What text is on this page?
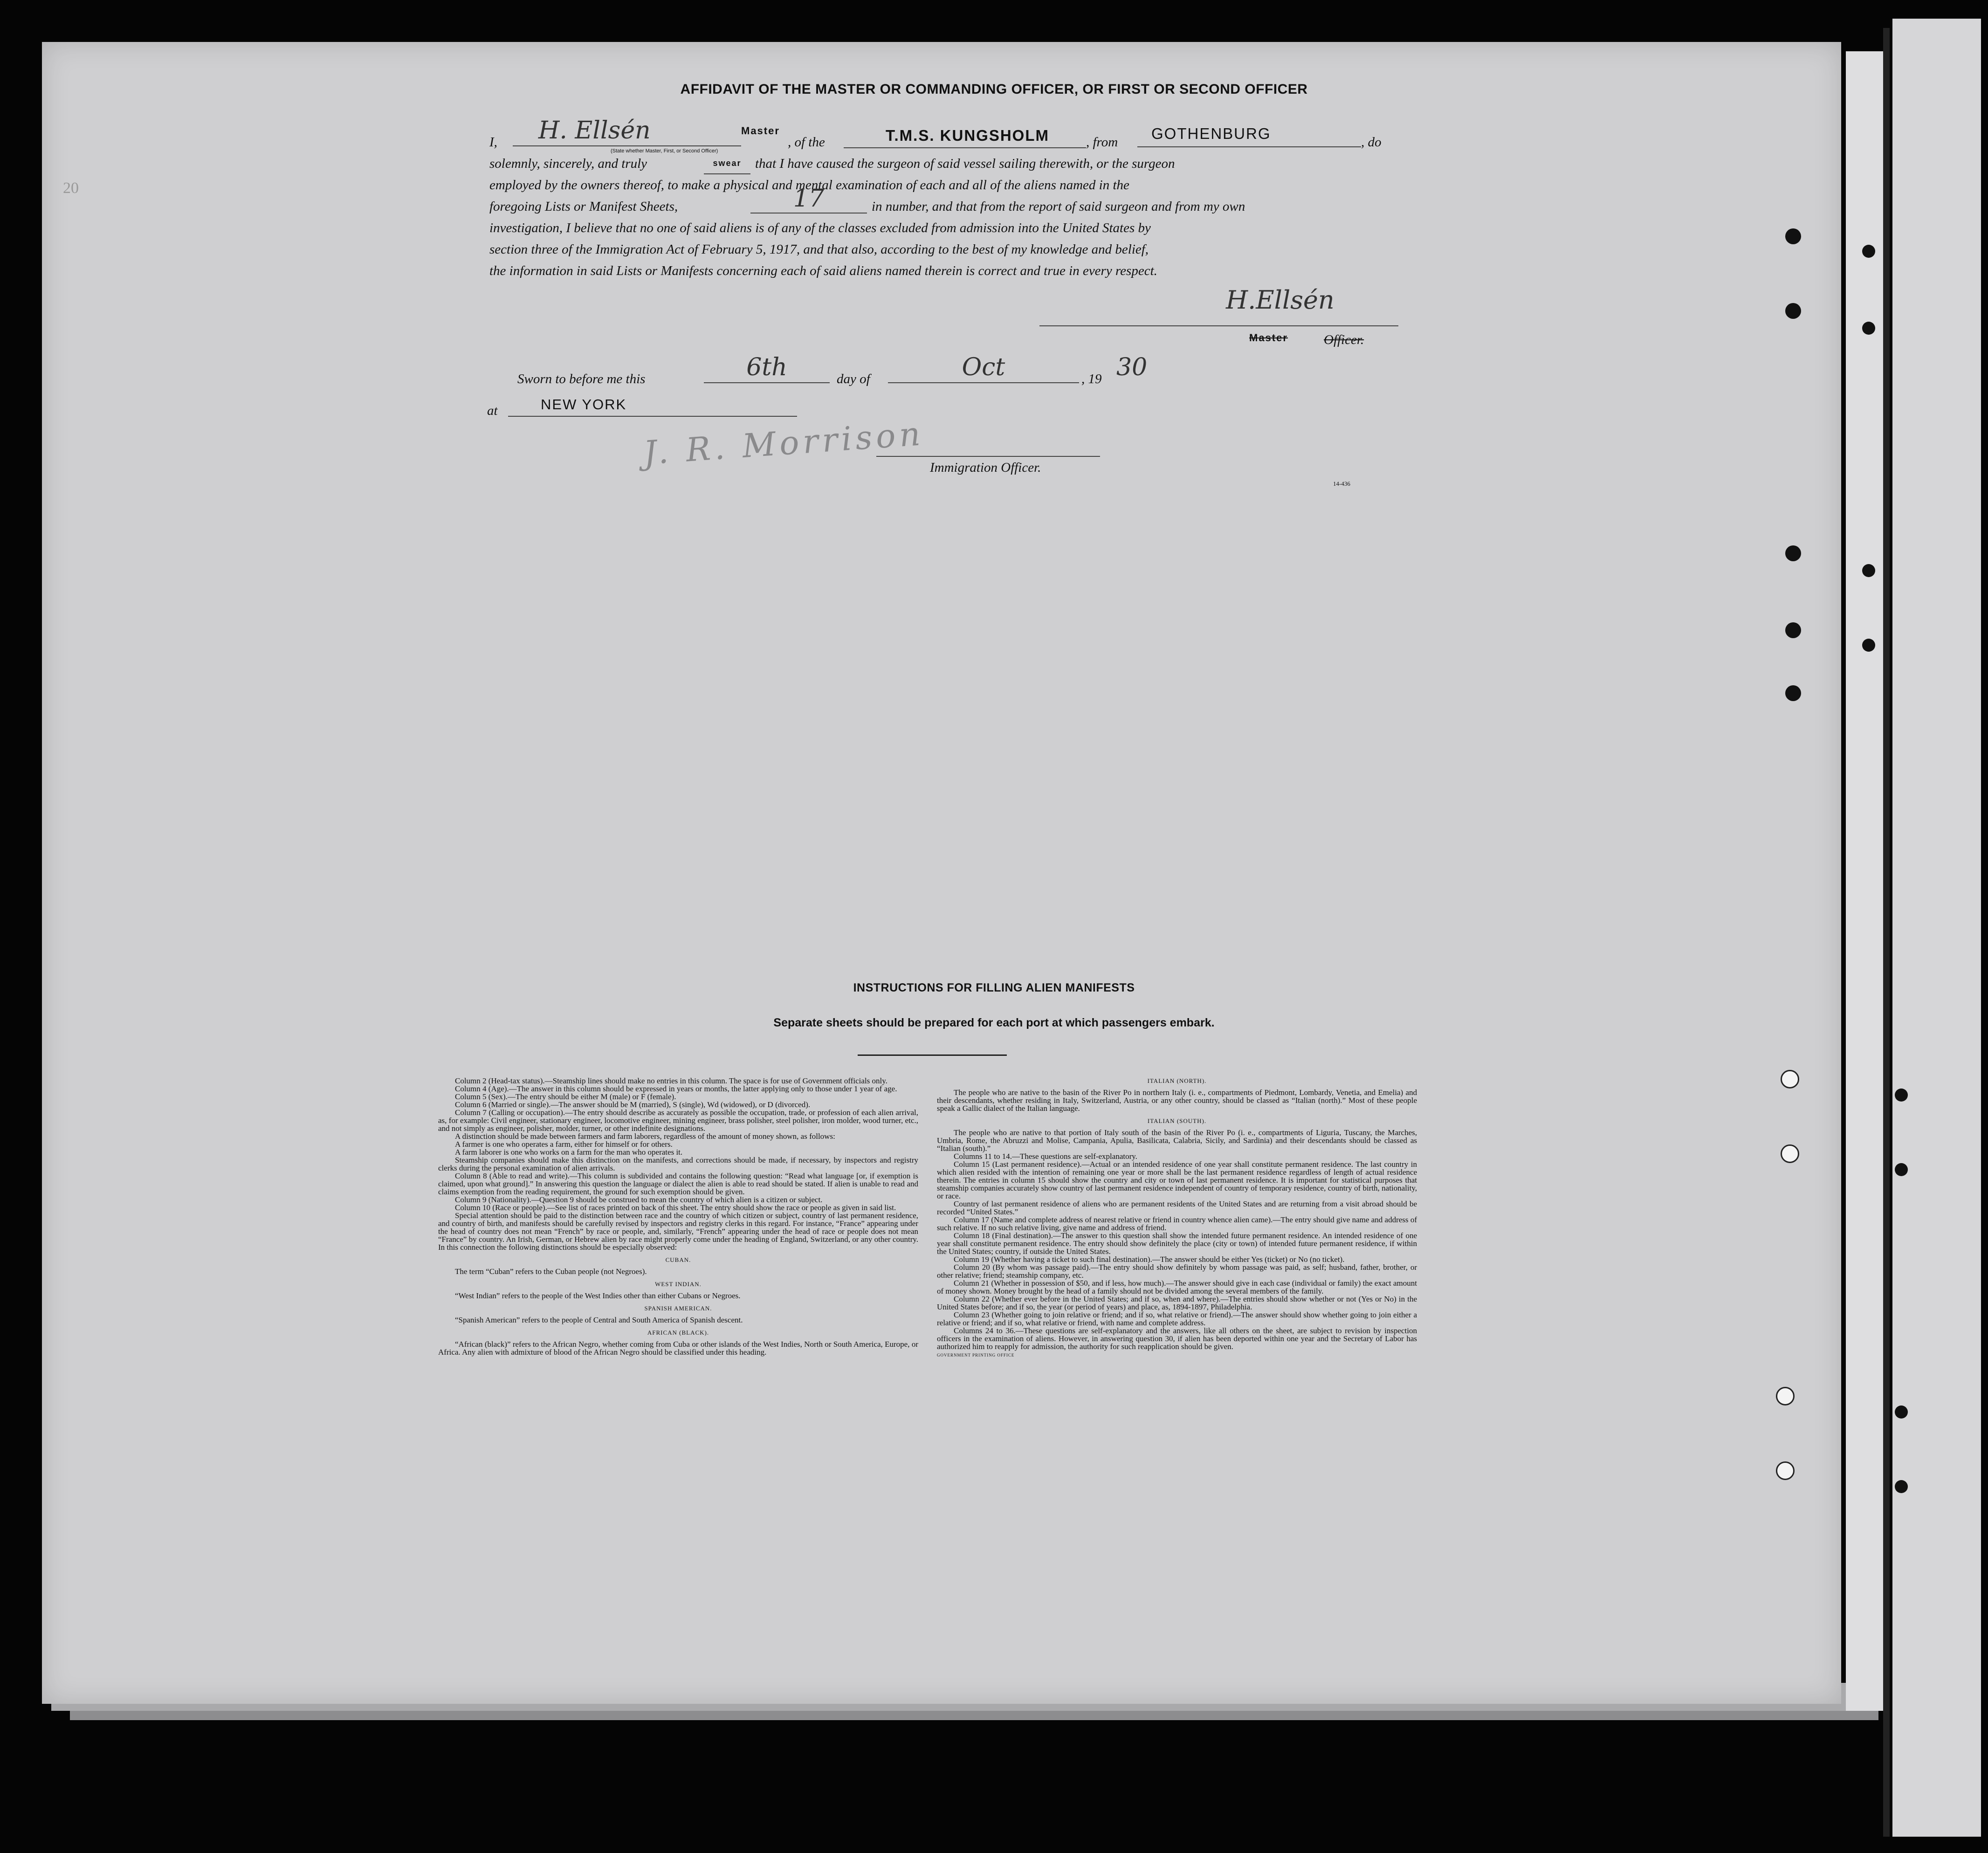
20
AFFIDAVIT OF THE MASTER OR COMMANDING OFFICER, OR FIRST OR SECOND OFFICER
I,	H. Ellsén	Master
(State whether Master, First, or Second Officer)
, of the	T.M.S. KUNGSHOLM	, from	GOTHENBURG	, do
solemnly, sincerely, and truly	swear	that I have caused the surgeon of said vessel sailing therewith, or the surgeon
employed by the owners thereof, to make a physical and mental examination of each and all of the aliens named in the
foregoing Lists or Manifest Sheets,	17	in number, and that from the report of said surgeon and from my own
investigation, I believe that no one of said aliens is of any of the classes excluded from admission into the United States by
section three of the Immigration Act of February 5, 1917, and that also, according to the best of my knowledge and belief,
the information in said Lists or Manifests concerning each of said aliens named therein is correct and true in every respect.
H.Ellsén
Master	Officer.
Sworn to before me this	6th	day of	Oct	, 19 30
at	NEW YORK
J. R. Morrison Immigration Officer.
14-436
INSTRUCTIONS FOR FILLING ALIEN MANIFESTS
Separate sheets should be prepared for each port at which passengers embark.

Column 2 (Head-tax status).—Steamship lines should make no entries in this column. The space is for use of Government officials only.

Column 4 (Age).—The answer in this column should be expressed in years or months, the latter applying only to those under 1 year of age.

Column 5 (Sex).—The entry should be either M (male) or F (female).

Column 6 (Married or single).—The answer should be M (married), S (single), Wd (widowed), or D (divorced).

Column 7 (Calling or occupation).—The entry should describe as accurately as possible the occupation, trade, or profession of each alien arrival, as, for example: Civil engineer, stationary engineer, locomotive engineer, mining engineer, brass polisher, steel polisher, iron molder, wood turner, etc., and not simply as engineer, polisher, molder, turner, or other indefinite designations.

A distinction should be made between farmers and farm laborers, regardless of the amount of money shown, as follows:

A farmer is one who operates a farm, either for himself or for others.

A farm laborer is one who works on a farm for the man who operates it.

Steamship companies should make this distinction on the manifests, and corrections should be made, if necessary, by inspectors and registry clerks during the personal examination of alien arrivals.

Column 8 (Able to read and write).—This column is subdivided and contains the following question: “Read what language [or, if exemption is claimed, upon what ground].” In answering this question the language or dialect the alien is able to read should be stated. If alien is unable to read and claims exemption from the reading requirement, the ground for such exemption should be given.

Column 9 (Nationality).—Question 9 should be construed to mean the country of which alien is a citizen or subject.

Column 10 (Race or people).—See list of races printed on back of this sheet. The entry should show the race or people as given in said list.

Special attention should be paid to the distinction between race and the country of which citizen or subject, country of last permanent residence, and country of birth, and manifests should be carefully revised by inspectors and registry clerks in this regard. For instance, “France” appearing under the head of country does not mean “French” by race or people, and, similarly, “French” appearing under the head of race or people does not mean “France” by country. An Irish, German, or Hebrew alien by race might properly come under the heading of England, Switzerland, or any other country. In this connection the following distinctions should be especially observed:

CUBAN.

The term “Cuban” refers to the Cuban people (not Negroes).

WEST INDIAN.

“West Indian” refers to the people of the West Indies other than either Cubans or Negroes.

SPANISH AMERICAN.

“Spanish American” refers to the people of Central and South America of Spanish descent.

AFRICAN (BLACK).

“African (black)” refers to the African Negro, whether coming from Cuba or other islands of the West Indies, North or South America, Europe, or Africa. Any alien with admixture of blood of the African Negro should be classified under this heading.

ITALIAN (NORTH).

The people who are native to the basin of the River Po in northern Italy (i. e., compartments of Piedmont, Lombardy, Venetia, and Emelia) and their descendants, whether residing in Italy, Switzerland, Austria, or any other country, should be classed as “Italian (north).” Most of these people speak a Gallic dialect of the Italian language.

ITALIAN (SOUTH).

The people who are native to that portion of Italy south of the basin of the River Po (i. e., compartments of Liguria, Tuscany, the Marches, Umbria, Rome, the Abruzzi and Molise, Campania, Apulia, Basilicata, Calabria, Sicily, and Sardinia) and their descendants should be classed as “Italian (south).”

Columns 11 to 14.—These questions are self-explanatory.

Column 15 (Last permanent residence).—Actual or an intended residence of one year shall constitute permanent residence. The last country in which alien resided with the intention of remaining one year or more shall be the last permanent residence regardless of length of actual residence therein. The entries in column 15 should show the country and city or town of last permanent residence. It is important for statistical purposes that steamship companies accurately show country of last permanent residence independent of country of temporary residence, country of birth, nationality, or race.

Country of last permanent residence of aliens who are permanent residents of the United States and are returning from a visit abroad should be recorded “United States.”

Column 17 (Name and complete address of nearest relative or friend in country whence alien came).—The entry should give name and address of such relative. If no such relative living, give name and address of friend.

Column 18 (Final destination).—The answer to this question shall show the intended future permanent residence. An intended residence of one year shall constitute permanent residence. The entry should show definitely the place (city or town) of intended future permanent residence, if within the United States; country, if outside the United States.

Column 19 (Whether having a ticket to such final destination).—The answer should be either Yes (ticket) or No (no ticket).

Column 20 (By whom was passage paid).—The entry should show definitely by whom passage was paid, as self; husband, father, brother, or other relative; friend; steamship company, etc.

Column 21 (Whether in possession of $50, and if less, how much).—The answer should give in each case (individual or family) the exact amount of money shown. Money brought by the head of a family should not be divided among the several members of the family.

Column 22 (Whether ever before in the United States; and if so, when and where).—The entries should show whether or not (Yes or No) in the United States before; and if so, the year (or period of years) and place, as, 1894-1897, Philadelphia.

Column 23 (Whether going to join relative or friend; and if so, what relative or friend).—The answer should show whether going to join either a relative or friend; and if so, what relative or friend, with name and complete address.

Columns 24 to 36.—These questions are self-explanatory and the answers, like all others on the sheet, are subject to revision by inspection officers in the examination of aliens. However, in answering question 30, if alien has been deported within one year and the Secretary of Labor has authorized him to reapply for admission, the authority for such reapplication should be given.

GOVERNMENT PRINTING OFFICE
